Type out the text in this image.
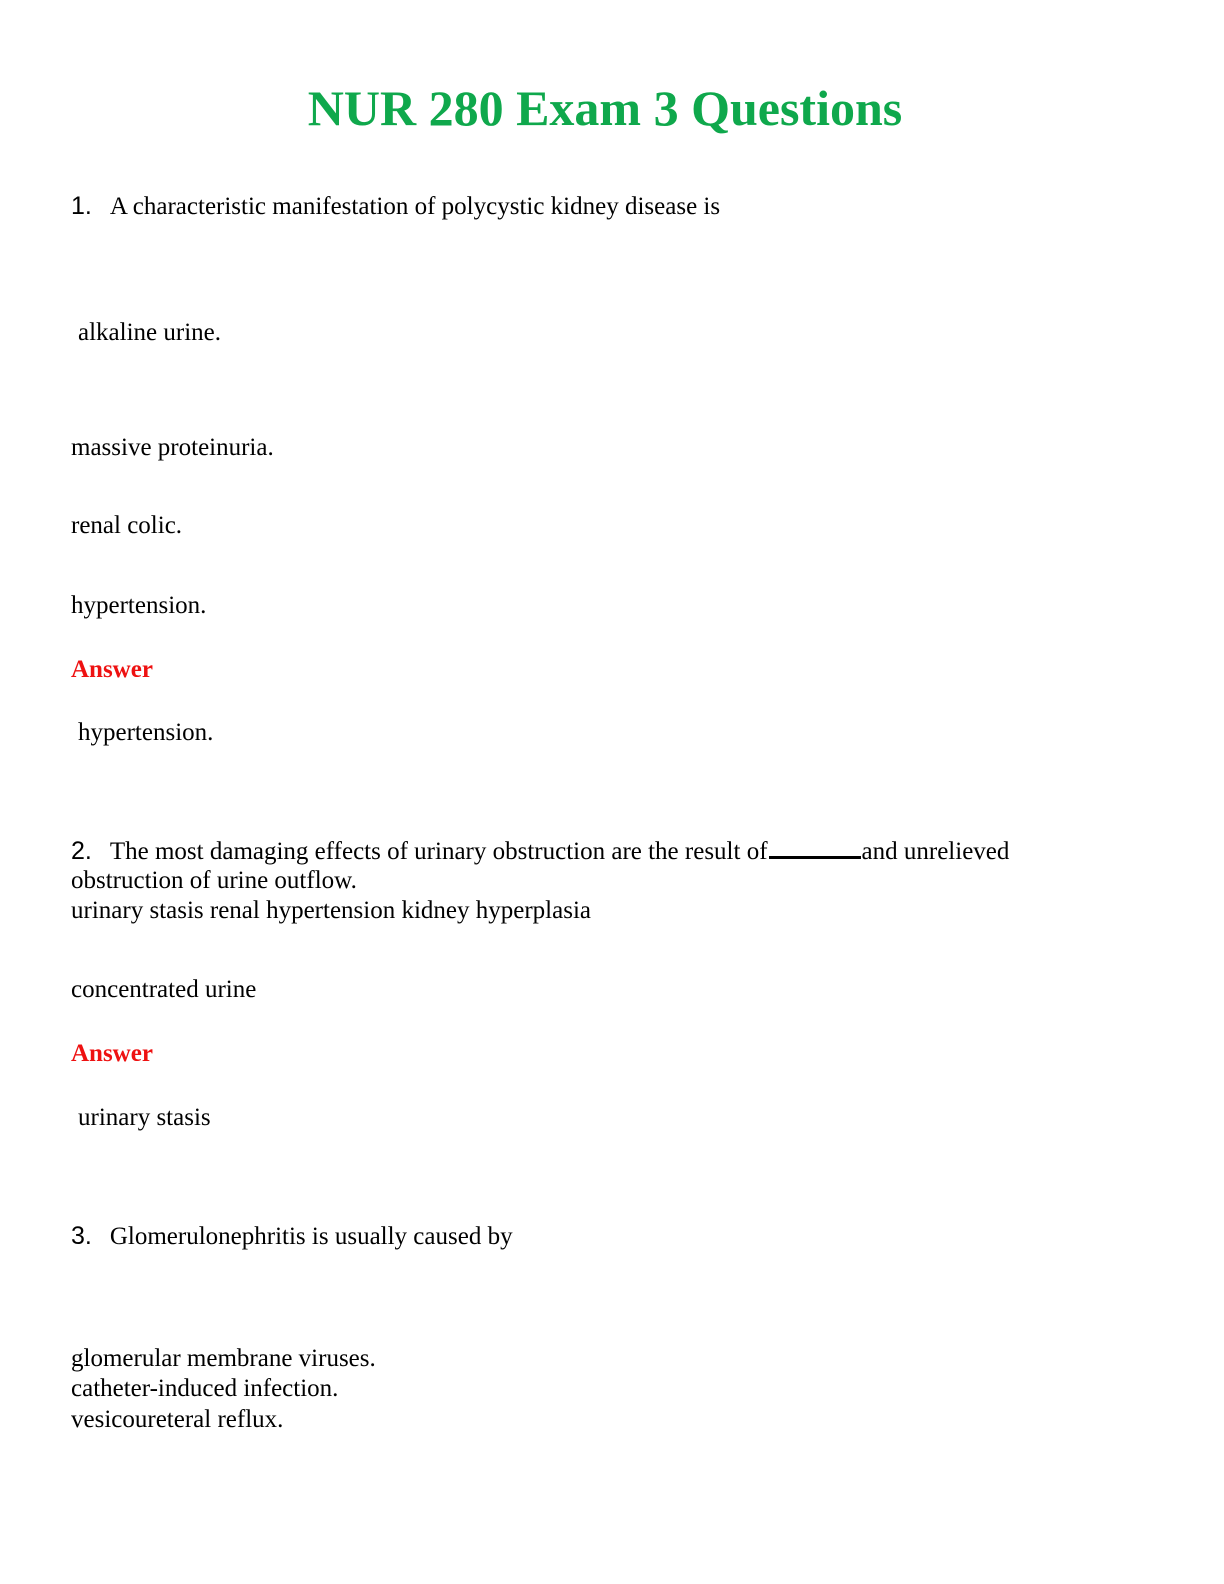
NUR 280 Exam 3 Questions
1. A characteristic manifestation of polycystic kidney disease is
alkaline urine.
massive proteinuria.
renal colic.
hypertension.
Answer
hypertension.
2. The most damaging effects of urinary obstruction are the result of	and unrelieved
obstruction of urine outflow.
urinary stasis renal hypertension kidney hyperplasia
concentrated urine
Answer
urinary stasis
3. Glomerulonephritis is usually caused by
glomerular membrane viruses.
catheter-induced infection.
vesicoureteral reflux.
